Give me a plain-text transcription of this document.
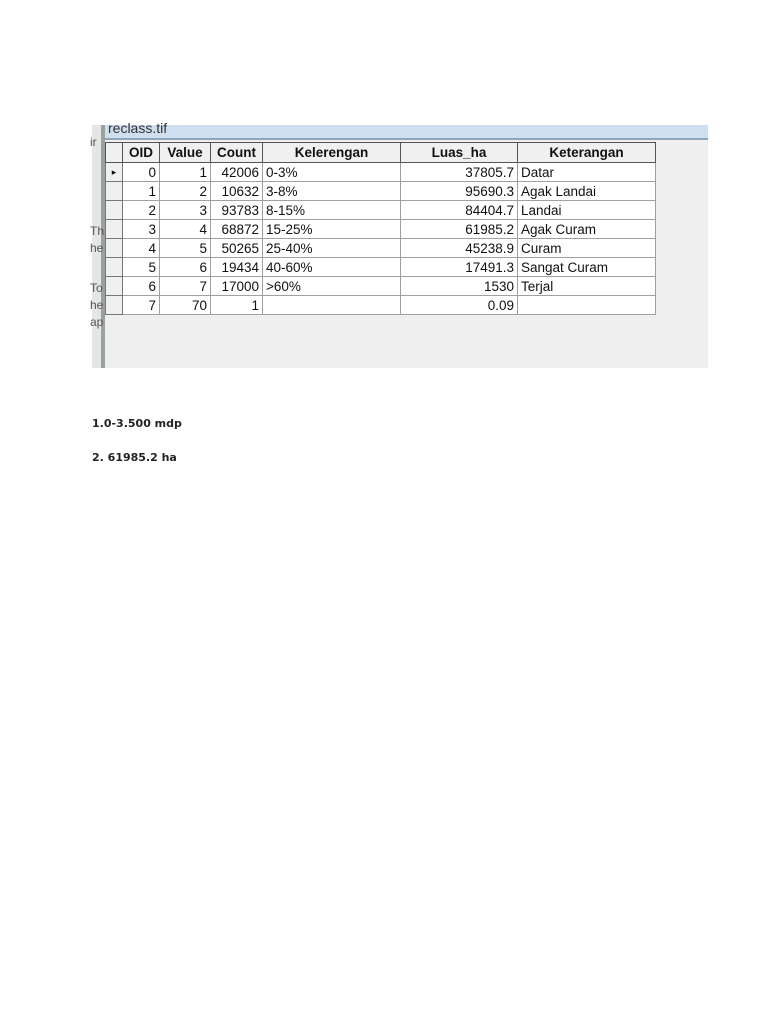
ir
Th
he
To
he
ap
reclass.tif
	OID	Value	Count	Kelerengan	Luas_ha	Keterangan
▸	0	1	42006	0-3%	37805.7	Datar
	1	2	10632	3-8%	95690.3	Agak Landai
	2	3	93783	8-15%	84404.7	Landai
	3	4	68872	15-25%	61985.2	Agak Curam
	4	5	50265	25-40%	45238.9	Curam
	5	6	19434	40-60%	17491.3	Sangat Curam
	6	7	17000	>60%	1530	Terjal
	7	70	1		0.09	
1.0-3.500 mdp
2. 61985.2 ha
